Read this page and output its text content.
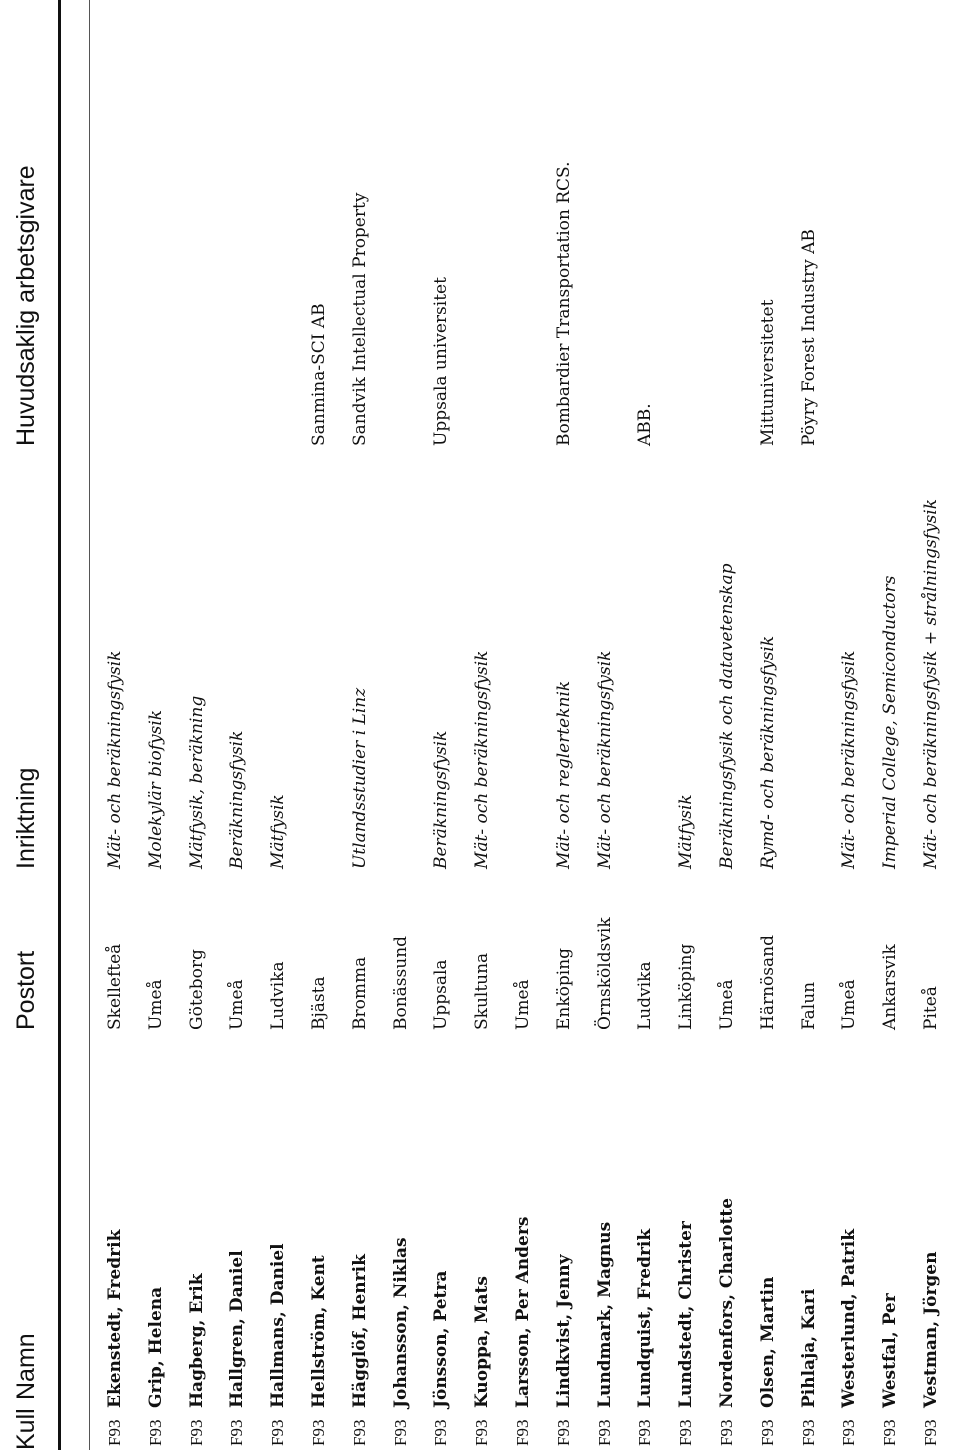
Kull
Namn
Postort
Inriktning
Huvudsaklig arbetsgivare
F93
Ekenstedt, Fredrik
Skellefteå
Mät- och beräkningsfysik
F93
Grip, Helena
Umeå
Molekylär biofysik
F93
Hagberg, Erik
Göteborg
Mätfysik, beräkning
F93
Hallgren, Daniel
Umeå
Beräkningsfysik
F93
Hallmans, Daniel
Ludvika
Mätfysik
F93
Hellström, Kent
Bjästa
Sanmina-SCI AB
F93
Hägglöf, Henrik
Bromma
Utlandsstudier i Linz
Sandvik Intellectual Property
F93
Johansson, Niklas
Bonässund
F93
Jönsson, Petra
Uppsala
Beräkningsfysik
Uppsala universitet
F93
Kuoppa, Mats
Skultuna
Mät- och beräkningsfysik
F93
Larsson, Per Anders
Umeå
F93
Lindkvist, Jenny
Enköping
Mät- och reglerteknik
Bombardier Transportation RCS.
F93
Lundmark, Magnus
Örnsköldsvik
Mät- och beräkningsfysik
F93
Lundquist, Fredrik
Ludvika
ABB.
F93
Lundstedt, Christer
Linköping
Mätfysik
F93
Nordenfors, Charlotte
Umeå
Beräkningsfysik och datavetenskap
F93
Olsen, Martin
Härnösand
Rymd- och beräkningsfysik
Mittuniversitetet
F93
Pihlaja, Kari
Falun
Pöyry Forest Industry AB
F93
Westerlund, Patrik
Umeå
Mät- och beräkningsfysik
F93
Westfal, Per
Ankarsvik
Imperial College, Semiconductors
F93
Vestman, Jörgen
Piteå
Mät- och beräkningsfysik + strålningsfysik
